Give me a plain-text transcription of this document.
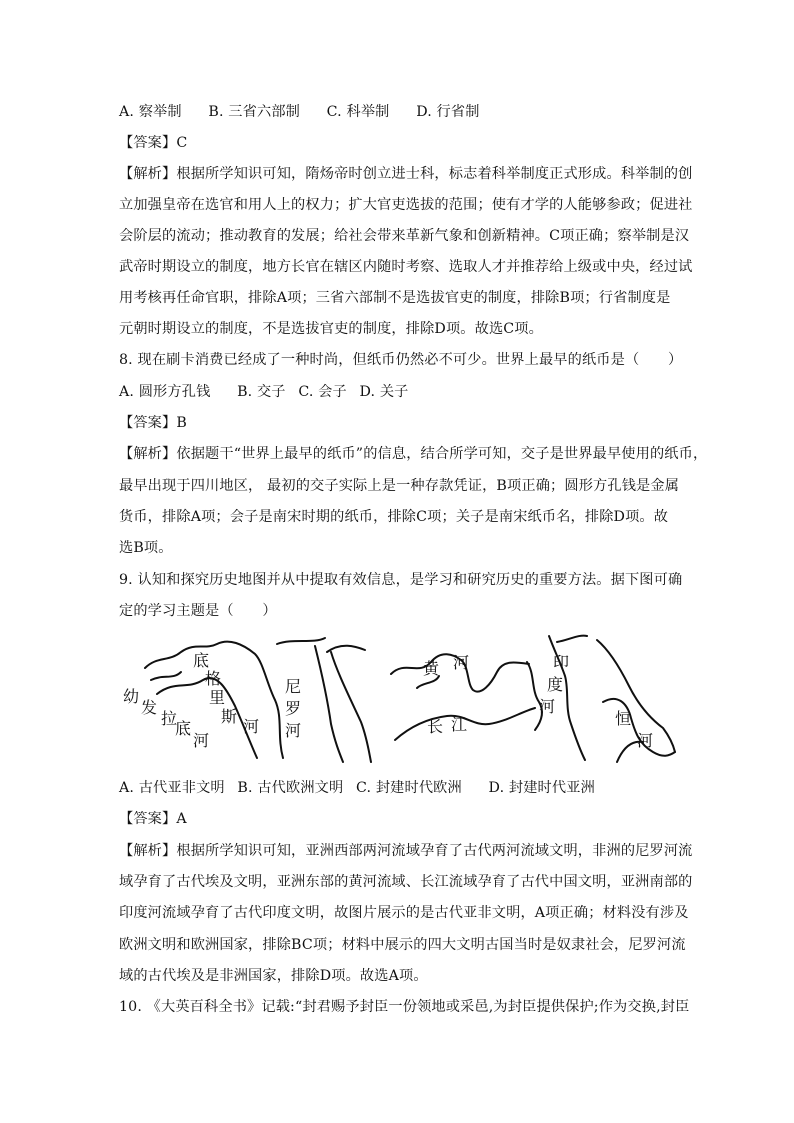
A. 察举制 B. 三省六部制 C. 科举制 D. 行省制
【答案】C
【解析】根据所学知识可知，隋炀帝时创立进士科，标志着科举制度正式形成。科举制的创
立加强皇帝在选官和用人上的权力；扩大官吏选拔的范围；使有才学的人能够参政；促进社
会阶层的流动；推动教育的发展；给社会带来革新气象和创新精神。C项正确；察举制是汉
武帝时期设立的制度，地方长官在辖区内随时考察、选取人才并推荐给上级或中央，经过试
用考核再任命官职，排除A项；三省六部制不是选拔官吏的制度，排除B项；行省制度是
元朝时期设立的制度，不是选拔官吏的制度，排除D项。故选C项。
8. 现在刷卡消费已经成了一种时尚，但纸币仍然必不可少。世界上最早的纸币是（　　）
A. 圆形方孔钱 B. 交子 C. 会子 D. 关子
【答案】B
【解析】依据题干“世界上最早的纸币”的信息，结合所学可知，交子是世界最早使用的纸币，
最早出现于四川地区， 最初的交子实际上是一种存款凭证，B项正确；圆形方孔钱是金属
货币，排除A项；会子是南宋时期的纸币，排除C项；关子是南宋纸币名，排除D项。故
选B项。
9. 认知和探究历史地图并从中提取有效信息，是学习和研究历史的重要方法。据下图可确
定的学习主题是（　　）
底
格
里
斯
河
幼
发
拉
底
河
尼
罗
河
黄 河
长 江
印
度
河
恒
河
A. 古代亚非文明 B. 古代欧洲文明 C. 封建时代欧洲 D. 封建时代亚洲
【答案】A
【解析】根据所学知识可知，亚洲西部两河流域孕育了古代两河流域文明，非洲的尼罗河流
域孕育了古代埃及文明，亚洲东部的黄河流域、长江流域孕育了古代中国文明，亚洲南部的
印度河流域孕育了古代印度文明，故图片展示的是古代亚非文明，A项正确；材料没有涉及
欧洲文明和欧洲国家，排除BC项；材料中展示的四大文明古国当时是奴隶社会，尼罗河流
域的古代埃及是非洲国家，排除D项。故选A项。
10. 《大英百科全书》记载:“封君赐予封臣一份领地或采邑,为封臣提供保护;作为交换,封臣
